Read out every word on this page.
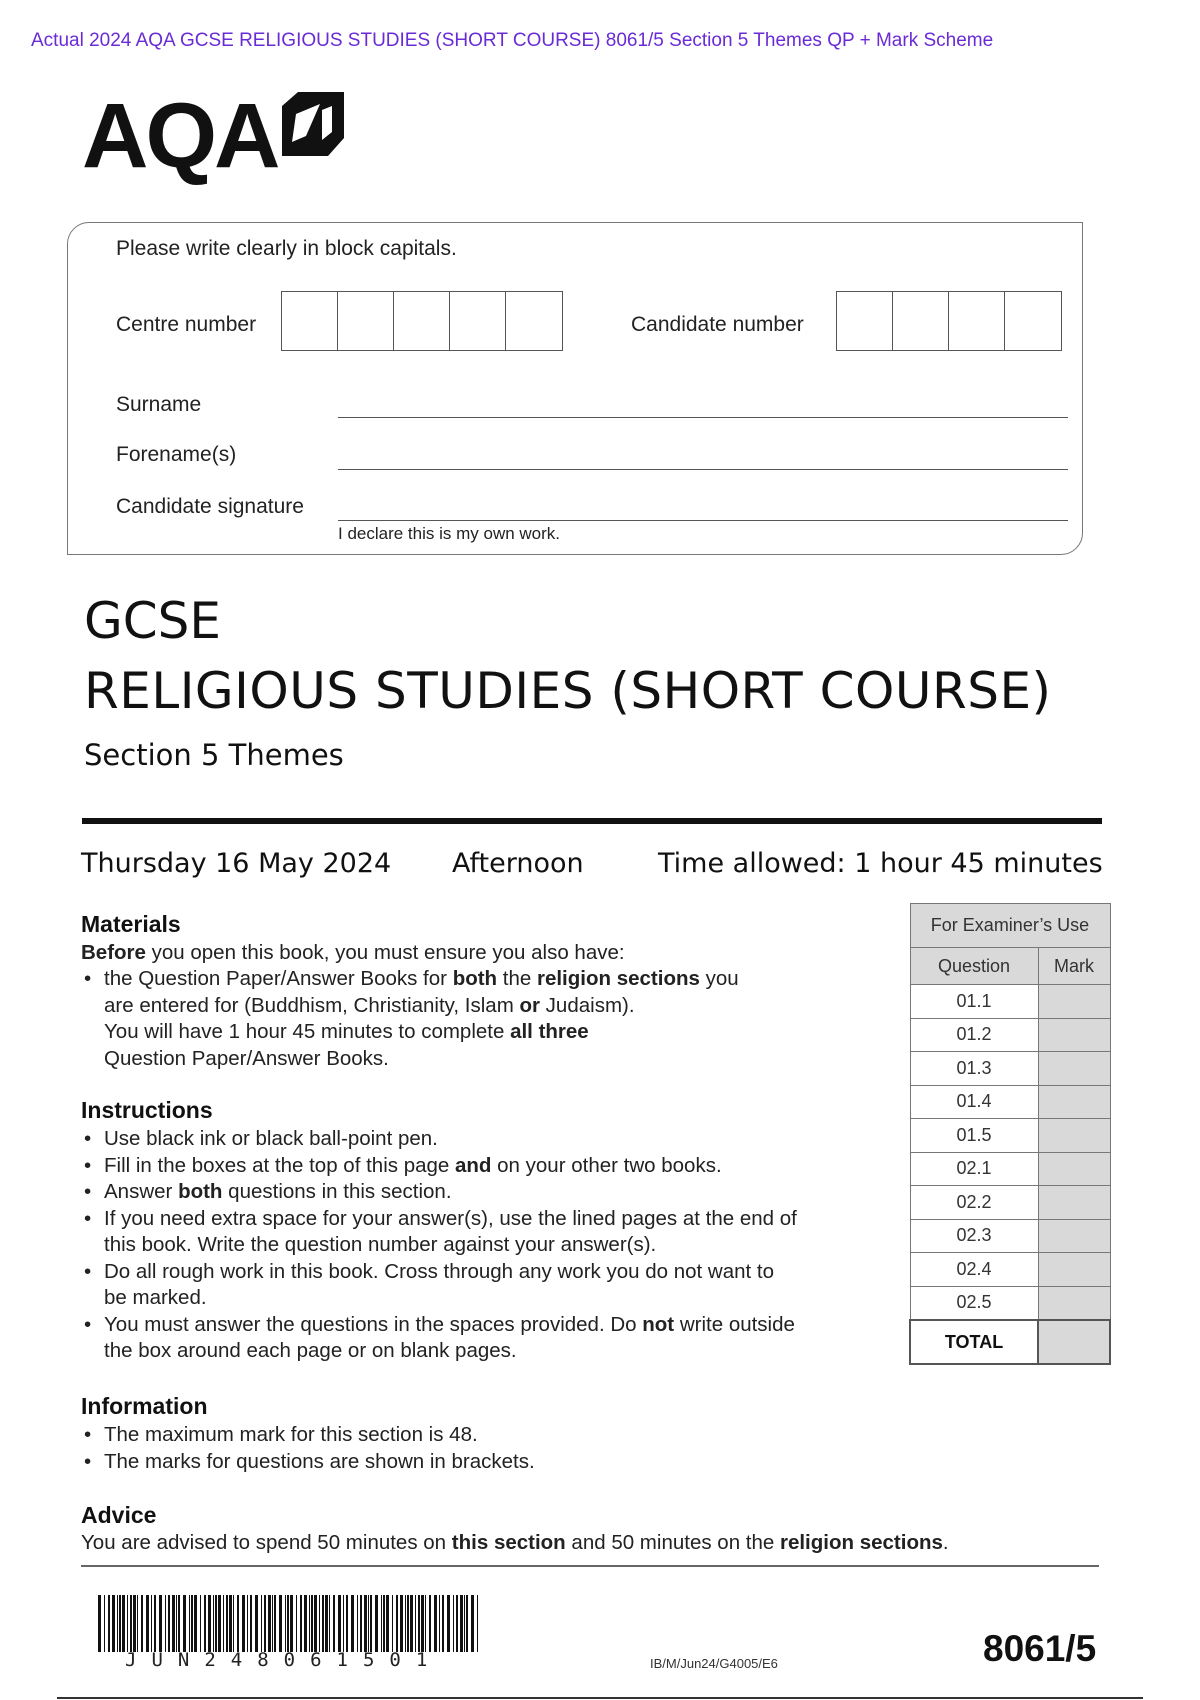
Actual 2024 AQA GCSE RELIGIOUS STUDIES (SHORT COURSE) 8061/5 Section 5 Themes QP + Mark Scheme
AQA
Please write clearly in block capitals.
Centre number	Candidate number
Surname
Forename(s)
Candidate signature
I declare this is my own work.
GCSE
RELIGIOUS STUDIES (SHORT COURSE)
Section 5 Themes
Thursday 16 May 2024 Afternoon	Time allowed: 1 hour 45 minutes
Materials
Before you open this book, you must ensure you also have:
• the Question Paper/Answer Books for both the religion sections you
are entered for (Buddhism, Christianity, Islam or Judaism).
You will have 1 hour 45 minutes to complete all three
Question Paper/Answer Books.
Instructions
• Use black ink or black ball-point pen.
• Fill in the boxes at the top of this page and on your other two books.
• Answer both questions in this section.
• If you need extra space for your answer(s), use the lined pages at the end of
this book. Write the question number against your answer(s).
• Do all rough work in this book. Cross through any work you do not want to
be marked.
• You must answer the questions in the spaces provided. Do not write outside
the box around each page or on blank pages.
Information
• The maximum mark for this section is 48.
• The marks for questions are shown in brackets.
Advice
You are advised to spend 50 minutes on this section and 50 minutes on the religion sections.
For Examiner’s Use	
Question	Mark
01.1	
01.2	
01.3	
01.4	
01.5	
02.1	
02.2	
02.3	
02.4	
02.5	
TOTAL	
JUN248061501	IB/M/Jun24/G4005/E6	8061/5
